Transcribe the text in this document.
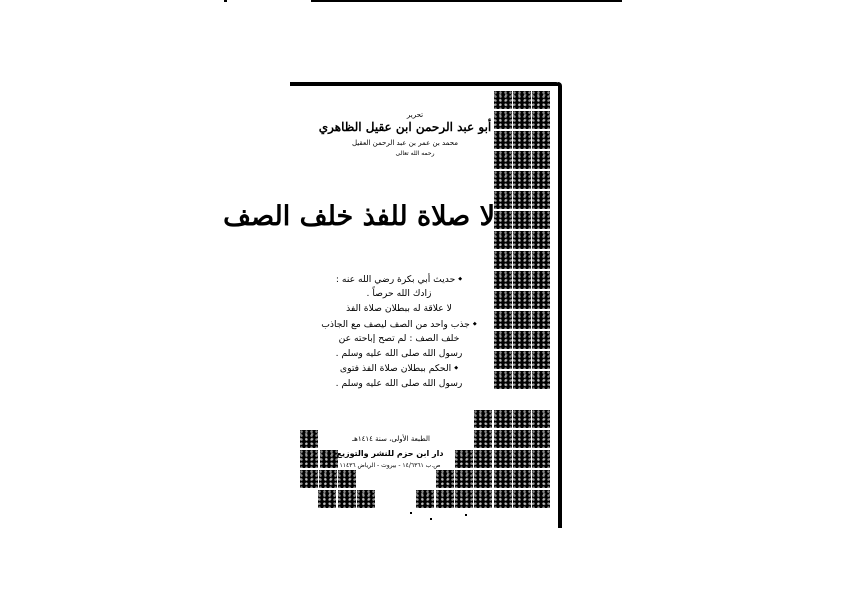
تحرير
أبو عبد الرحمن ابن عقيل الظاهري
محمد بن عمر بن عبد الرحمن العقيل
رحمه الله تعالى
لا صلاة للفذ خلف الصف
◆ حديث أبي بكرة رضي الله عنه :
زادك الله حرصاً .
لا علاقة له ببطلان صلاة الفذ
◆ جذب واحد من الصف ليصف مع الجاذب
خلف الصف : لم تصح إباحته عن
رسول الله صلى الله عليه وسلم .
◆ الحكم ببطلان صلاة الفذ فتوى
رسول الله صلى الله عليه وسلم .
الطبعة الأولى، سنة ١٤١٤هـ
دار ابن حزم للنشر والتوزيع
ص.ب ١٤/٦٣٦١ - بيروت - الرياض ١١٤٣٦
